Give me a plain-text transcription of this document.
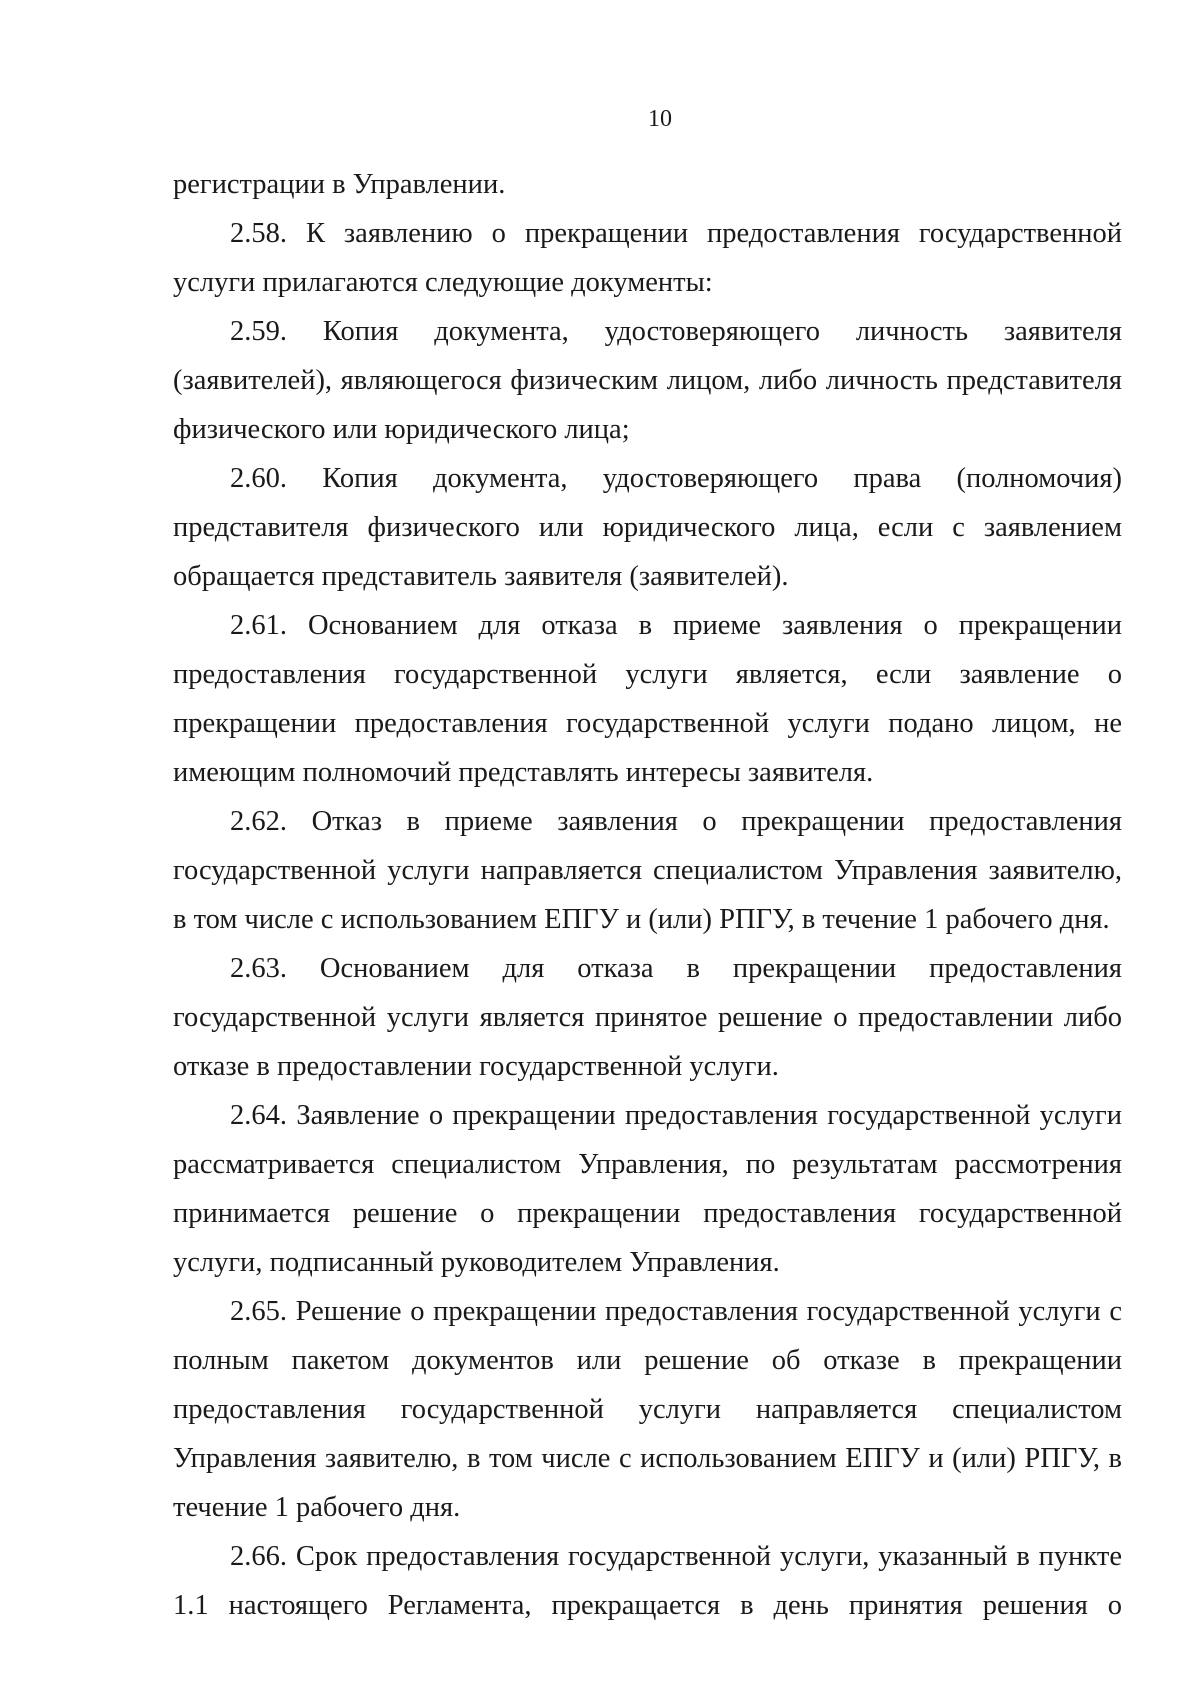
10

регистрации в Управлении.

2.58. К заявлению о прекращении предоставления государственной услуги прилагаются следующие документы:

2.59. Копия документа, удостоверяющего личность заявителя (заявителей), являющегося физическим лицом, либо личность представителя физического или юридического лица;

2.60. Копия документа, удостоверяющего права (полномочия) представителя физического или юридического лица, если с заявлением обращается представитель заявителя (заявителей).

2.61. Основанием для отказа в приеме заявления о прекращении предоставления государственной услуги является, если заявление о прекращении предоставления государственной услуги подано лицом, не имеющим полномочий представлять интересы заявителя.

2.62. Отказ в приеме заявления о прекращении предоставления государственной услуги направляется специалистом Управления заявителю, в том числе с использованием ЕПГУ и (или) РПГУ, в течение 1 рабочего дня.

2.63. Основанием для отказа в прекращении предоставления государственной услуги является принятое решение о предоставлении либо отказе в предоставлении государственной услуги.

2.64. Заявление о прекращении предоставления государственной услуги рассматривается специалистом Управления, по результатам рассмотрения принимается решение о прекращении предоставления государственной услуги, подписанный руководителем Управления.

2.65. Решение о прекращении предоставления государственной услуги с полным пакетом документов или решение об отказе в прекращении предоставления государственной услуги направляется специалистом Управления заявителю, в том числе с использованием ЕПГУ и (или) РПГУ, в течение 1 рабочего дня.

2.66. Срок предоставления государственной услуги, указанный в пункте 1.1 настоящего Регламента, прекращается в день принятия решения о
